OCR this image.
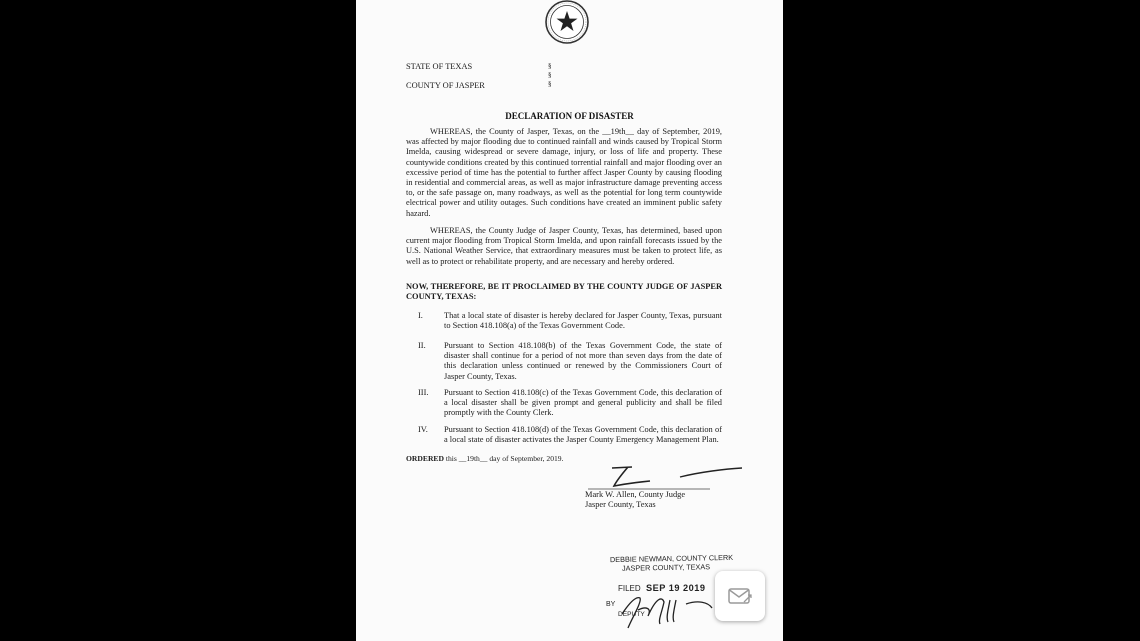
STATE OF TEXAS	§
§
§
COUNTY OF JASPER
DECLARATION OF DISASTER
WHEREAS, the County of Jasper, Texas, on the __19th__ day of September, 2019, was affected by major flooding due to continued rainfall and winds caused by Tropical Storm Imelda, causing widespread or severe damage, injury, or loss of life and property. These countywide conditions created by this continued torrential rainfall and major flooding over an excessive period of time has the potential to further affect Jasper County by causing flooding in residential and commercial areas, as well as major infrastructure damage preventing access to, or the safe passage on, many roadways, as well as the potential for long term countywide electrical power and utility outages. Such conditions have created an imminent public safety hazard.
WHEREAS, the County Judge of Jasper County, Texas, has determined, based upon current major flooding from Tropical Storm Imelda, and upon rainfall forecasts issued by the U.S. National Weather Service, that extraordinary measures must be taken to protect life, as well as to protect or rehabilitate property, and are necessary and hereby ordered.
NOW, THEREFORE, BE IT PROCLAIMED BY THE COUNTY JUDGE OF JASPER COUNTY, TEXAS:
I.	That a local state of disaster is hereby declared for Jasper County, Texas, pursuant to Section 418.108(a) of the Texas Government Code.
II. Pursuant to Section 418.108(b) of the Texas Government Code, the state of disaster shall continue for a period of not more than seven days from the date of this declaration unless continued or renewed by the Commissioners Court of Jasper County, Texas.
III. Pursuant to Section 418.108(c) of the Texas Government Code, this declaration of a local disaster shall be given prompt and general publicity and shall be filed promptly with the County Clerk.
IV. Pursuant to Section 418.108(d) of the Texas Government Code, this declaration of a local state of disaster activates the Jasper County Emergency Management Plan.
ORDERED this __19th__ day of September, 2019.
Mark W. Allen, County Judge
Jasper County, Texas
DEBBIE NEWMAN, COUNTY CLERK
JASPER COUNTY, TEXAS
FILED SEP 19 2019
BY
DEPUTY
